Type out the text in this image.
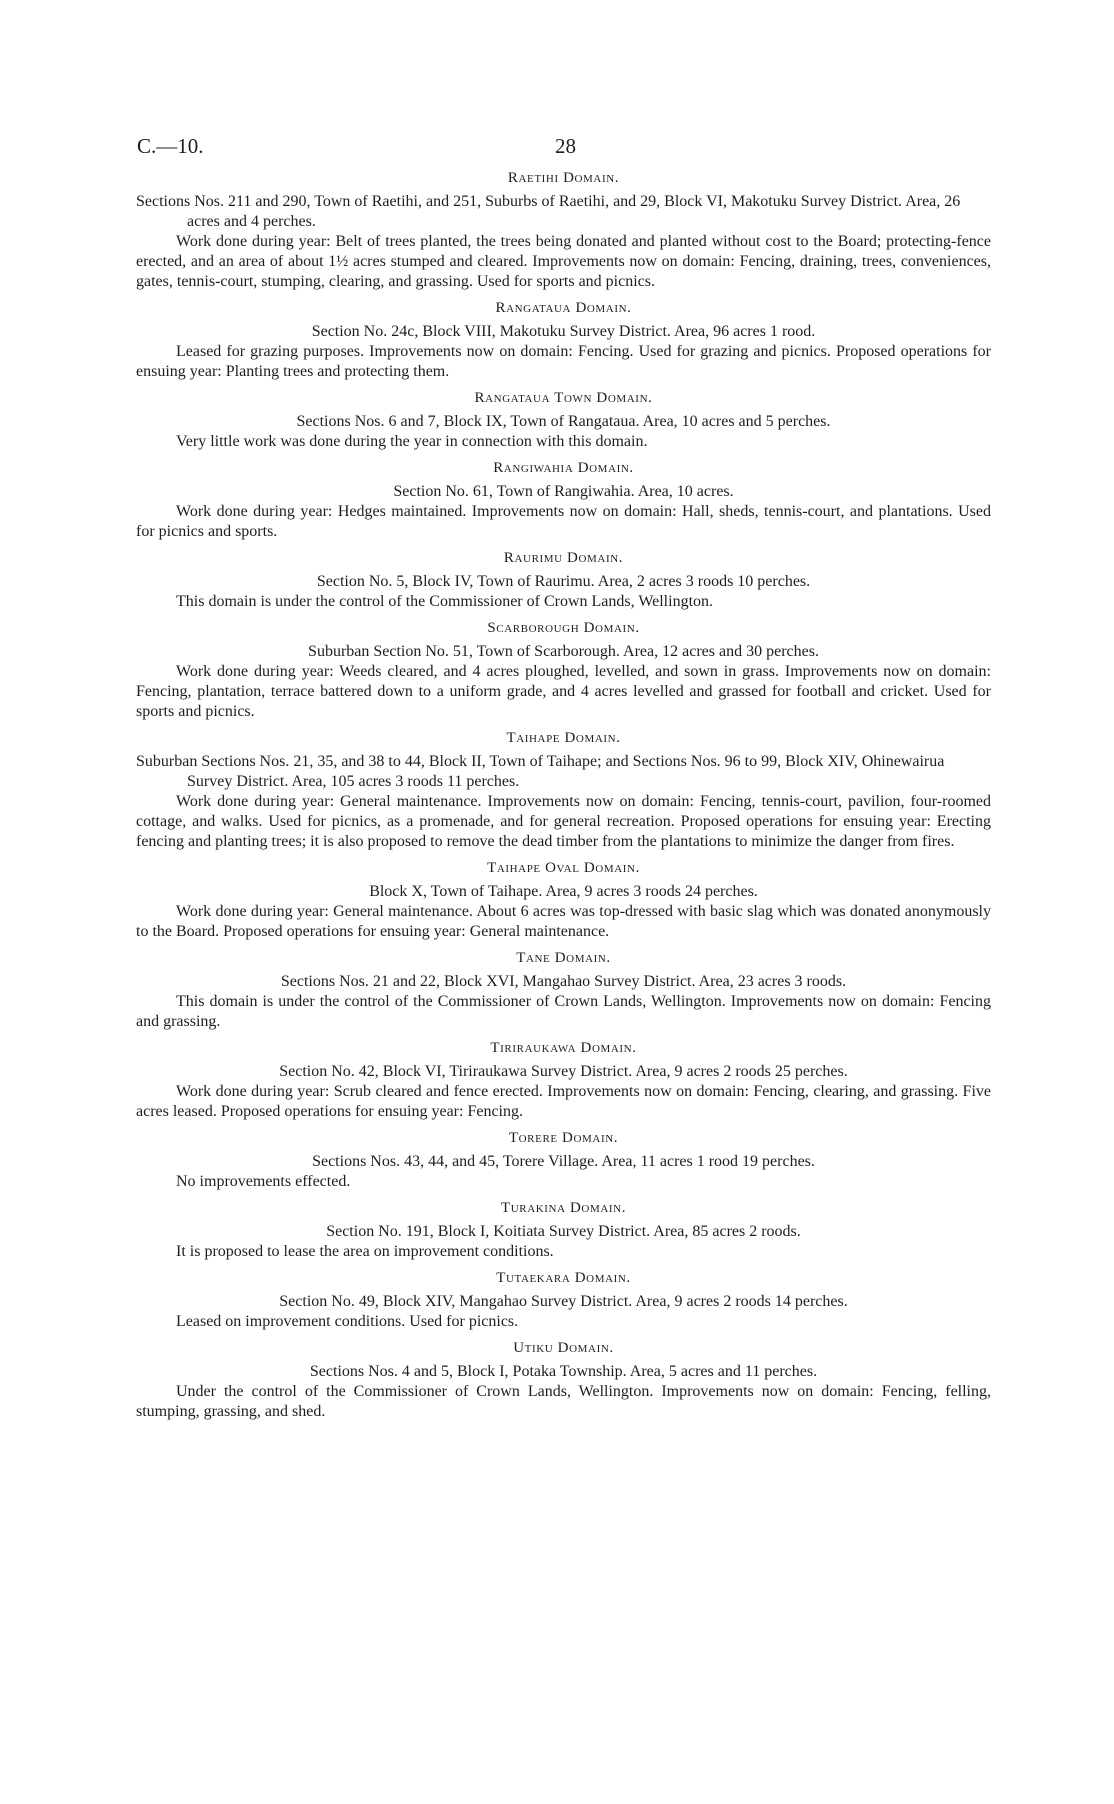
C.—10.	28
Raetihi Domain.

Sections Nos. 211 and 290, Town of Raetihi, and 251, Suburbs of Raetihi, and 29, Block VI, Makotuku Survey District. Area, 26 acres and 4 perches.

Work done during year: Belt of trees planted, the trees being donated and planted without cost to the Board; protecting-fence erected, and an area of about 1½ acres stumped and cleared. Improvements now on domain: Fencing, draining, trees, conveniences, gates, tennis-court, stumping, clearing, and grassing. Used for sports and picnics.

Rangataua Domain.

Section No. 24c, Block VIII, Makotuku Survey District. Area, 96 acres 1 rood.

Leased for grazing purposes. Improvements now on domain: Fencing. Used for grazing and picnics. Proposed operations for ensuing year: Planting trees and protecting them.

Rangataua Town Domain.

Sections Nos. 6 and 7, Block IX, Town of Rangataua. Area, 10 acres and 5 perches.

Very little work was done during the year in connection with this domain.

Rangiwahia Domain.

Section No. 61, Town of Rangiwahia. Area, 10 acres.

Work done during year: Hedges maintained. Improvements now on domain: Hall, sheds, tennis-court, and plantations. Used for picnics and sports.

Raurimu Domain.

Section No. 5, Block IV, Town of Raurimu. Area, 2 acres 3 roods 10 perches.

This domain is under the control of the Commissioner of Crown Lands, Wellington.

Scarborough Domain.

Suburban Section No. 51, Town of Scarborough. Area, 12 acres and 30 perches.

Work done during year: Weeds cleared, and 4 acres ploughed, levelled, and sown in grass. Improvements now on domain: Fencing, plantation, terrace battered down to a uniform grade, and 4 acres levelled and grassed for football and cricket. Used for sports and picnics.

Taihape Domain.

Suburban Sections Nos. 21, 35, and 38 to 44, Block II, Town of Taihape; and Sections Nos. 96 to 99, Block XIV, Ohinewairua Survey District. Area, 105 acres 3 roods 11 perches.

Work done during year: General maintenance. Improvements now on domain: Fencing, tennis-court, pavilion, four-roomed cottage, and walks. Used for picnics, as a promenade, and for general recreation. Proposed operations for ensuing year: Erecting fencing and planting trees; it is also proposed to remove the dead timber from the plantations to minimize the danger from fires.

Taihape Oval Domain.

Block X, Town of Taihape. Area, 9 acres 3 roods 24 perches.

Work done during year: General maintenance. About 6 acres was top-dressed with basic slag which was donated anonymously to the Board. Proposed operations for ensuing year: General maintenance.

Tane Domain.

Sections Nos. 21 and 22, Block XVI, Mangahao Survey District. Area, 23 acres 3 roods.

This domain is under the control of the Commissioner of Crown Lands, Wellington. Improvements now on domain: Fencing and grassing.

Tiriraukawa Domain.

Section No. 42, Block VI, Tiriraukawa Survey District. Area, 9 acres 2 roods 25 perches.

Work done during year: Scrub cleared and fence erected. Improvements now on domain: Fencing, clearing, and grassing. Five acres leased. Proposed operations for ensuing year: Fencing.

Torere Domain.

Sections Nos. 43, 44, and 45, Torere Village. Area, 11 acres 1 rood 19 perches.

No improvements effected.

Turakina Domain.

Section No. 191, Block I, Koitiata Survey District. Area, 85 acres 2 roods.

It is proposed to lease the area on improvement conditions.

Tutaekara Domain.

Section No. 49, Block XIV, Mangahao Survey District. Area, 9 acres 2 roods 14 perches.

Leased on improvement conditions. Used for picnics.

Utiku Domain.

Sections Nos. 4 and 5, Block I, Potaka Township. Area, 5 acres and 11 perches.

Under the control of the Commissioner of Crown Lands, Wellington. Improvements now on domain: Fencing, felling, stumping, grassing, and shed.
